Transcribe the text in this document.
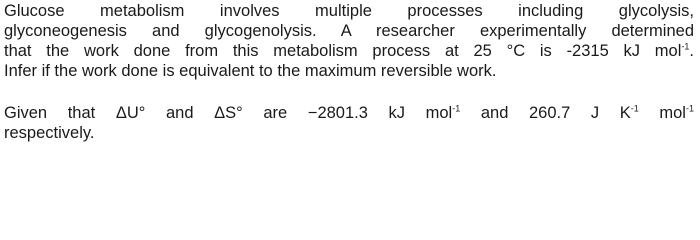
Glucose metabolism involves multiple processes including glycolysis,
glyconeogenesis and glycogenolysis. A researcher experimentally determined
that the work done from this metabolism process at 25 °C is -2315 kJ mol$^{-1}$.
Infer if the work done is equivalent to the maximum reversible work.

Given that ΔU° and ΔS° are −2801.3 kJ mol$^{-1}$ and 260.7 J $K^{-1}$ mol$^{-1}$
respectively.
